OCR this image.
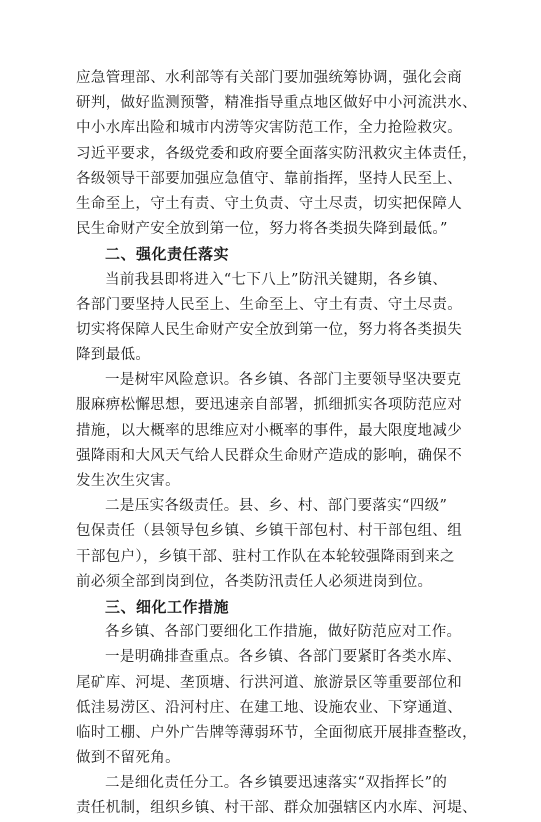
应急管理部、水利部等有关部门要加强统筹协调，强化会商
研判，做好监测预警，精准指导重点地区做好中小河流洪水、
中小水库出险和城市内涝等灾害防范工作，全力抢险救灾。
习近平要求，各级党委和政府要全面落实防汛救灾主体责任，
各级领导干部要加强应急值守、靠前指挥，坚持人民至上、
生命至上，守土有责、守土负责、守土尽责，切实把保障人
民生命财产安全放到第一位，努力将各类损失降到最低。”
二、强化责任落实
当前我县即将进入“七下八上”防汛关键期，各乡镇、
各部门要坚持人民至上、生命至上、守土有责、守土尽责。
切实将保障人民生命财产安全放到第一位，努力将各类损失
降到最低。
一是树牢风险意识。各乡镇、各部门主要领导坚决要克
服麻痹松懈思想，要迅速亲自部署，抓细抓实各项防范应对
措施，以大概率的思维应对小概率的事件，最大限度地减少
强降雨和大风天气给人民群众生命财产造成的影响，确保不
发生次生灾害。
二是压实各级责任。县、乡、村、部门要落实“四级”
包保责任（县领导包乡镇、乡镇干部包村、村干部包组、组
干部包户），乡镇干部、驻村工作队在本轮较强降雨到来之
前必须全部到岗到位，各类防汛责任人必须进岗到位。
三、细化工作措施
各乡镇、各部门要细化工作措施，做好防范应对工作。
一是明确排查重点。各乡镇、各部门要紧盯各类水库、
尾矿库、河堤、垄顶塘、行洪河道、旅游景区等重要部位和
低洼易涝区、沿河村庄、在建工地、设施农业、下穿通道、
临时工棚、户外广告牌等薄弱环节，全面彻底开展排查整改，
做到不留死角。
二是细化责任分工。各乡镇要迅速落实“双指挥长”的
责任机制，组织乡镇、村干部、群众加强辖区内水库、河堤、
